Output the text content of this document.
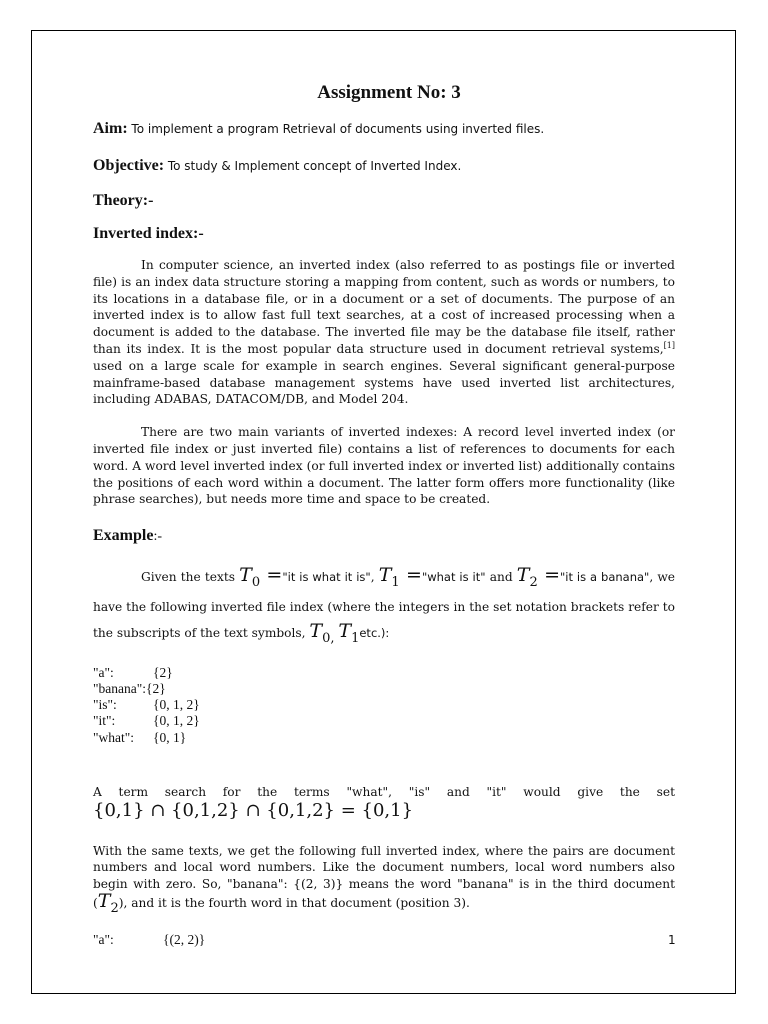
Assignment No: 3

Aim: To implement a program Retrieval of documents using inverted files.

Objective: To study & Implement concept of Inverted Index.

Theory:-

Inverted index:-

In computer science, an inverted index (also referred to as postings file or inverted file) is an index data structure storing a mapping from content, such as words or numbers, to its locations in a database file, or in a document or a set of documents. The purpose of an inverted index is to allow fast full text searches, at a cost of increased processing when a document is added to the database. The inverted file may be the database file itself, rather than its index. It is the most popular data structure used in document retrieval systems,[1] used on a large scale for example in search engines. Several significant general-purpose mainframe-based database management systems have used inverted list architectures, including ADABAS, DATACOM/DB, and Model 204.

There are two main variants of inverted indexes: A record level inverted index (or inverted file index or just inverted file) contains a list of references to documents for each word. A word level inverted index (or full inverted index or inverted list) additionally contains the positions of each word within a document. The latter form offers more functionality (like phrase searches), but needs more time and space to be created.

Example:-

Given the texts $T_0$ ="it is what it is", $T_1$ ="what is it" and $T_2$ ="it is a banana", we have the following inverted file index (where the integers in the set notation brackets refer to the subscripts of the text symbols, $T_{0,}$ $T_1etc$.):

"a":	{2}
"banana":{2}
"is":	{0, 1, 2}
"it":	{0, 1, 2}
"what": {0, 1}

A term search for the terms "what", "is" and "it" would give the set

{0,1} ∩ {0,1,2} ∩ {0,1,2} = {0,1}

With the same texts, we get the following full inverted index, where the pairs are document numbers and local word numbers. Like the document numbers, local word numbers also begin with zero. So, "banana": {(2, 3)} means the word "banana" is in the third document $(T_2)$, and it is the fourth word in that document (position 3).

"a":	{(2, 2)}	1
